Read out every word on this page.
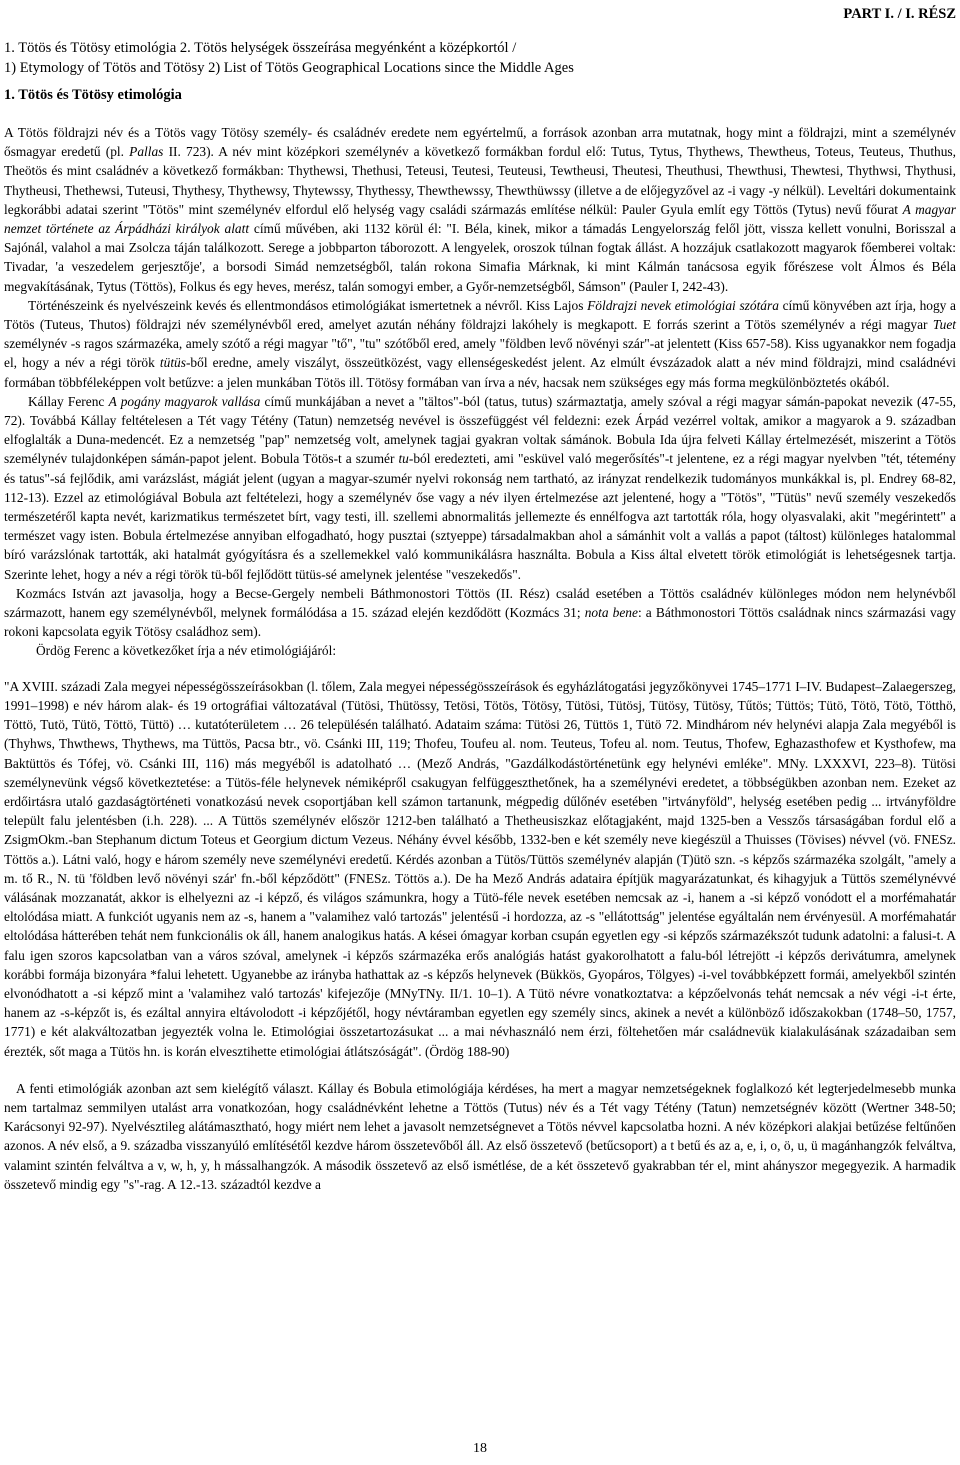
PART I. / I. RÉSZ
1. Tötös és Tötösy etimológia 2. Tötös helységek összeírása megyénként a középkortól /
1) Etymology of Tötös and Tötösy 2) List of Tötös Geographical Locations since the Middle Ages
1. Tötös és Tötösy etimológia

A Tötös földrajzi név és a Tötös vagy Tötösy személy- és családnév eredete nem egyértelmű, a források azonban arra mutatnak, hogy mint a földrajzi, mint a személynév ősmagyar eredetű (pl. Pallas II. 723). A név mint középkori személynév a következő formákban fordul elő: Tutus, Tytus, Thythews, Thewtheus, Toteus, Teuteus, Thuthus, Theötös és mint családnév a következő formákban: Thythewsi, Thethusi, Teteusi, Teutesi, Teuteusi, Tewtheusi, Theutesi, Theuthusi, Thewthusi, Thewtesi, Thythwsi, Thythusi, Thytheusi, Thethewsi, Tuteusi, Thythesy, Thythewsy, Thytewssy, Thythessy, Thewthewssy, Thewthüwssy (illetve a de előjegyzővel az -i vagy -y nélkül). Leveltári dokumentaink legkorábbi adatai szerint "Tötös" mint személynév elfordul elő helység vagy családi származás említése nélkül: Pauler Gyula említ egy Töttös (Tytus) nevű főurat A magyar nemzet története az Árpádházi királyok alatt című művében, aki 1132 körül él: "I. Béla, kinek, mikor a támadás Lengyelország felől jött, vissza kellett vonulni, Borisszal a Sajónál, valahol a mai Zsolcza táján találkozott. Serege a jobbparton táborozott. A lengyelek, oroszok túlnan fogtak állást. A hozzájuk csatlakozott magyarok főemberei voltak: Tivadar, 'a veszedelem gerjesztője', a borsodi Simád nemzetségből, talán rokona Simafia Márknak, ki mint Kálmán tanácsosa egyik főrészese volt Álmos és Béla megvakításának, Tytus (Töttös), Folkus és egy heves, merész, talán somogyi ember, a Győr-nemzetségből, Sámson" (Pauler I, 242-43).

Történészeink és nyelvészeink kevés és ellentmondásos etimológiákat ismertetnek a névről. Kiss Lajos Földrajzi nevek etimológiai szótára című könyvében azt írja, hogy a Tötös (Tuteus, Thutos) földrajzi név személynévből ered, amelyet azután néhány földrajzi lakóhely is megkapott. E forrás szerint a Tötös személynév a régi magyar Tuet személynév -s ragos származéka, amely szótő a régi magyar "tő", "tu" szótőből ered, amely "földben levő növényi szár"-at jelentett (Kiss 657-58). Kiss ugyanakkor nem fogadja el, hogy a név a régi török tütüs-ből eredne, amely viszályt, összeütközést, vagy ellenségeskedést jelent. Az elmúlt évszázadok alatt a név mind földrajzi, mind családnévi formában többféleképpen volt betűzve: a jelen munkában Tötös ill. Tötösy formában van írva a név, hacsak nem szükséges egy más forma megkülönböztetés okából.

Kállay Ferenc A pogány magyarok vallása című munkájában a nevet a "tältos"-ból (tatus, tutus) származtatja, amely szóval a régi magyar sámán-papokat nevezik (47-55, 72). Továbbá Kállay feltételesen a Tét vagy Tétény (Tatun) nemzetség nevével is összefüggést vél feldezni: ezek Árpád vezérrel voltak, amikor a magyarok a 9. században elfoglalták a Duna-medencét. Ez a nemzetség "pap" nemzetség volt, amelynek tagjai gyakran voltak sámánok. Bobula Ida újra felveti Kállay értelmezését, miszerint a Tötös személynév tulajdonképen sámán-papot jelent. Bobula Tötös-t a szumér tu-ból eredezteti, ami "esküvel való megerősítés"-t jelentene, ez a régi magyar nyelvben "tét, tétemény és tatus"-sá fejlődik, ami varázslást, mágiát jelent (ugyan a magyar-szumér nyelvi rokonság nem tartható, az irányzat rendelkezik tudományos munkákkal is, pl. Endrey 68-82, 112-13). Ezzel az etimológiával Bobula azt feltételezi, hogy a személynév őse vagy a név ilyen értelmezése azt jelentené, hogy a "Tötös", "Tütüs" nevű személy veszekedős természetéről kapta nevét, karizmatikus természetet bírt, vagy testi, ill. szellemi abnormalitás jellemezte és ennélfogva azt tartották róla, hogy olyasvalaki, akit "megérintett" a természet vagy isten. Bobula értelmezése annyiban elfogadható, hogy pusztai (sztyeppe) társadalmakban ahol a sámánhit volt a vallás a papot (táltost) különleges hatalommal bíró varázslónak tartották, aki hatalmát gyógyításra és a szellemekkel való kommunikálásra használta. Bobula a Kiss által elvetett török etimológiát is lehetségesnek tartja. Szerinte lehet, hogy a név a régi török tü-ből fejlődött tütüs-sé amelynek jelentése "veszekedős".

Kozmács István azt javasolja, hogy a Becse-Gergely nembeli Báthmonostori Töttös (II. Rész) család esetében a Töttös családnév különleges módon nem helynévből származott, hanem egy személynévből, melynek formálódása a 15. század elején kezdődött (Kozmács 31; nota bene: a Báthmonostori Töttös családnak nincs származási vagy rokoni kapcsolata egyik Tötösy családhoz sem).

Ördög Ferenc a következőket írja a név etimológiájáról:

"A XVIII. századi Zala megyei népességösszeírásokban (l. tőlem, Zala megyei népességösszeírások és egyházlátogatási jegyzőkönyvei 1745–1771 I–IV. Budapest–Zalaegerszeg, 1991–1998) e név három alak- és 19 ortográfiai változatával (Tütösi, Thütössy, Tetösi, Tötös, Tötösy, Tütösi, Tütösj, Tütösy, Tütösy, Tűtös; Tüttös; Tütö, Tötö, Tötö, Tötthö, Töttö, Tutö, Tütö, Töttö, Tüttö) … kutatóterületem … 26 településén található. Adataim száma: Tütösi 26, Tüttös 1, Tütö 72. Mindhárom név helynévi alapja Zala megyéből is (Thyhws, Thwthews, Thythews, ma Tüttös, Pacsa btr., vö. Csánki III, 119; Thofeu, Toufeu al. nom. Teuteus, Tofeu al. nom. Teutus, Thofew, Eghazasthofew et Kysthofew, ma Baktüttös és Tófej, vö. Csánki III, 116) más megyéből is adatolható … (Mező András, "Gazdálkodástörténetünk egy helynévi emléke". MNy. LXXXVI, 223–8). Tütösi személynevünk végső következtetése: a Tütös-féle helynevek némiképről csakugyan felfüggeszthetőnek, ha a személynévi eredetet, a többségükben azonban nem. Ezeket az erdőirtásra utaló gazdaságtörténeti vonatkozású nevek csoportjában kell számon tartanunk, mégpedig dűlőnév esetében "irtványföld", helység esetében pedig ... irtványföldre települt falu jelentésben (i.h. 228). ... A Tüttös személynév először 1212-ben található a Thetheusiszkaz előtagjaként, majd 1325-ben a Vesszős társaságában fordul elő a ZsigmOkm.-ban Stephanum dictum Toteus et Georgium dictum Vezeus. Néhány évvel később, 1332-ben e két személy neve kiegészül a Thuisses (Tövises) névvel (vö. FNESz. Töttös a.). Látni való, hogy e három személy neve személynévi eredetű. Kérdés azonban a Tütös/Tüttös személynév alapján (T)ütö szn. -s képzős származéka szolgált, "amely a m. tő R., N. tü 'földben levő növényi szár' fn.-ből képződött" (FNESz. Töttös a.). De ha Mező András adataira építjük magyarázatunkat, és kihagyjuk a Tüttös személynévvé válásának mozzanatát, akkor is elhelyezni az -i képző, és világos számunkra, hogy a Tütö-féle nevek esetében nemcsak az -i, hanem a -si képző vonódott el a morfémahatár eltolódása miatt. A funkciót ugyanis nem az -s, hanem a "valamihez való tartozás" jelentésű -i hordozza, az -s "ellátottság" jelentése egyáltalán nem érvényesül. A morfémahatár eltolódása hátterében tehát nem funkcionális ok áll, hanem analogikus hatás. A kései ómagyar korban csupán egyetlen egy -si képzős származékszót tudunk adatolni: a falusi-t. A falu igen szoros kapcsolatban van a város szóval, amelynek -i képzős származéka erős analógiás hatást gyakorolhatott a falu-ból létrejött -i képzős derivátumra, amelynek korábbi formája bizonyára *falui lehetett. Ugyanebbe az irányba hathattak az -s képzős helynevek (Bükkös, Gyopáros, Tölgyes) -i-vel továbbképzett formái, amelyekből szintén elvonódhatott a -si képző mint a 'valamihez való tartozás' kifejezője (MNyTNy. II/1. 10–1). A Tütö névre vonatkoztatva: a képzőelvonás tehát nemcsak a név végi -i-t érte, hanem az -s-képzőt is, és ezáltal annyira eltávolodott -i képzőjétől, hogy névtáramban egyetlen egy személy sincs, akinek a nevét a különböző időszakokban (1748–50, 1757, 1771) e két alakváltozatban jegyezték volna le. Etimológiai összetartozásukat ... a mai névhasználó nem érzi, föltehetően már családnevük kialakulásának századaiban sem érezték, sőt maga a Tütös hn. is korán elvesztihette etimológiai átlátszóságát". (Ördög 188-90)

A fenti etimológiák azonban azt sem kielégítő választ. Kállay és Bobula etimológiája kérdéses, ha mert a magyar nemzetségeknek foglalkozó két legterjedelmesebb munka nem tartalmaz semmilyen utalást arra vonatkozóan, hogy családnévként lehetne a Töttös (Tutus) név és a Tét vagy Tétény (Tatun) nemzetségnév között (Wertner 348-50; Karácsonyi 92-97). Nyelvésztileg alátámasztható, hogy miért nem lehet a javasolt nemzetségnevet a Tötös névvel kapcsolatba hozni. A név középkori alakjai betűzése feltűnően azonos. A név első, a 9. századba visszanyúló említésétől kezdve három összetevőből áll. Az első összetevő (betűcsoport) a t betű és az a, e, i, o, ö, u, ü magánhangzók felváltva, valamint szintén felváltva a v, w, h, y, h mássalhangzók. A második összetevő az első ismétlése, de a két összetevő gyakrabban tér el, mint ahányszor megegyezik. A harmadik összetevő mindig egy "s"-rag. A 12.-13. századtól kezdve a

18
